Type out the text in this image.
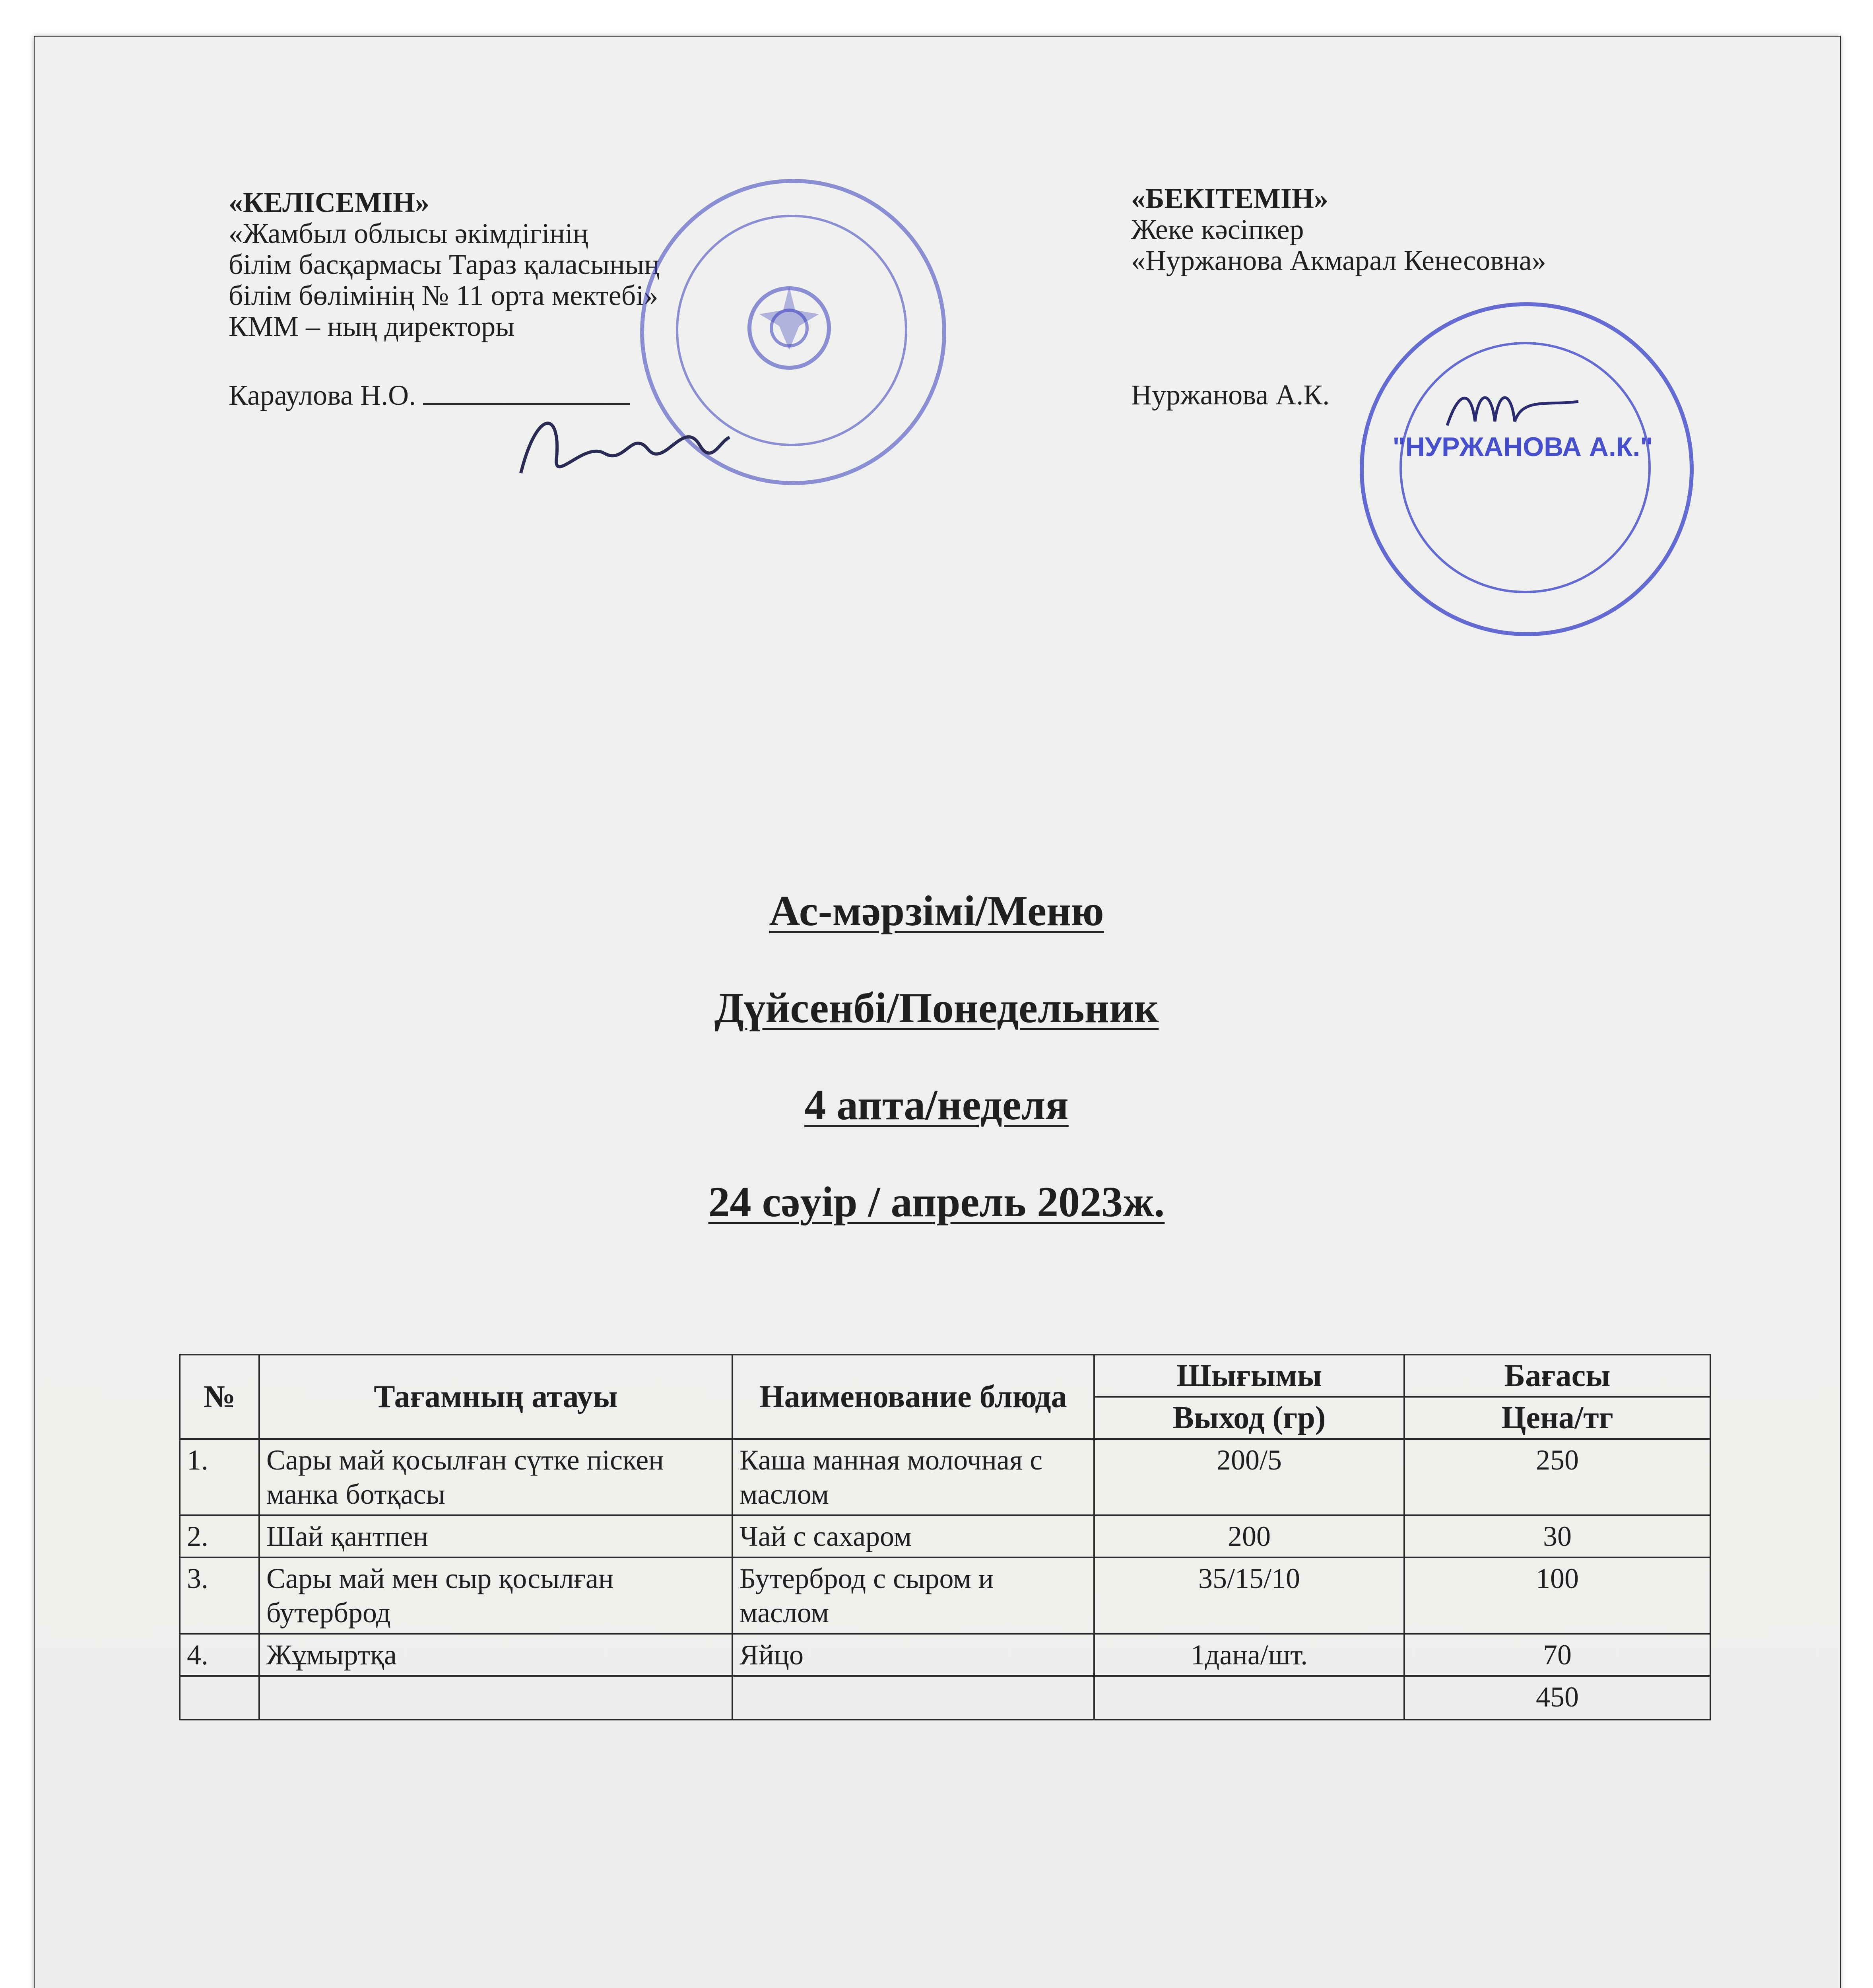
«КЕЛІСЕМІН»
«Жамбыл облысы әкімдігінің
білім басқармасы Тараз қаласының
білім бөлімінің № 11 орта мектебі»
КММ – ның директоры
Караулова Н.О.
«БЕКІТЕМІН»
Жеке кәсіпкер
«Нуржанова Акмарал Кенесовна»
Нуржанова А.К.
"НУРЖАНОВА А.К."
Ас-мәрзімі/Меню
Дүйсенбі/Понедельник
4 апта/неделя
24 сәуір / апрель 2023ж.
№	Тағамның атауы	Наименование блюда	Шығымы	Бағасы
			Выход (гр)	Цена/тг
1.	Сары май қосылған сүтке піскен манка ботқасы	Каша манная молочная с маслом	200/5	250
2.	Шай қантпен	Чай с сахаром	200	30
3.	Сары май мен сыр қосылған бутерброд	Бутерброд с сыром и маслом	35/15/10	100
4.	Жұмыртқа	Яйцо	1дана/шт.	70
				450
